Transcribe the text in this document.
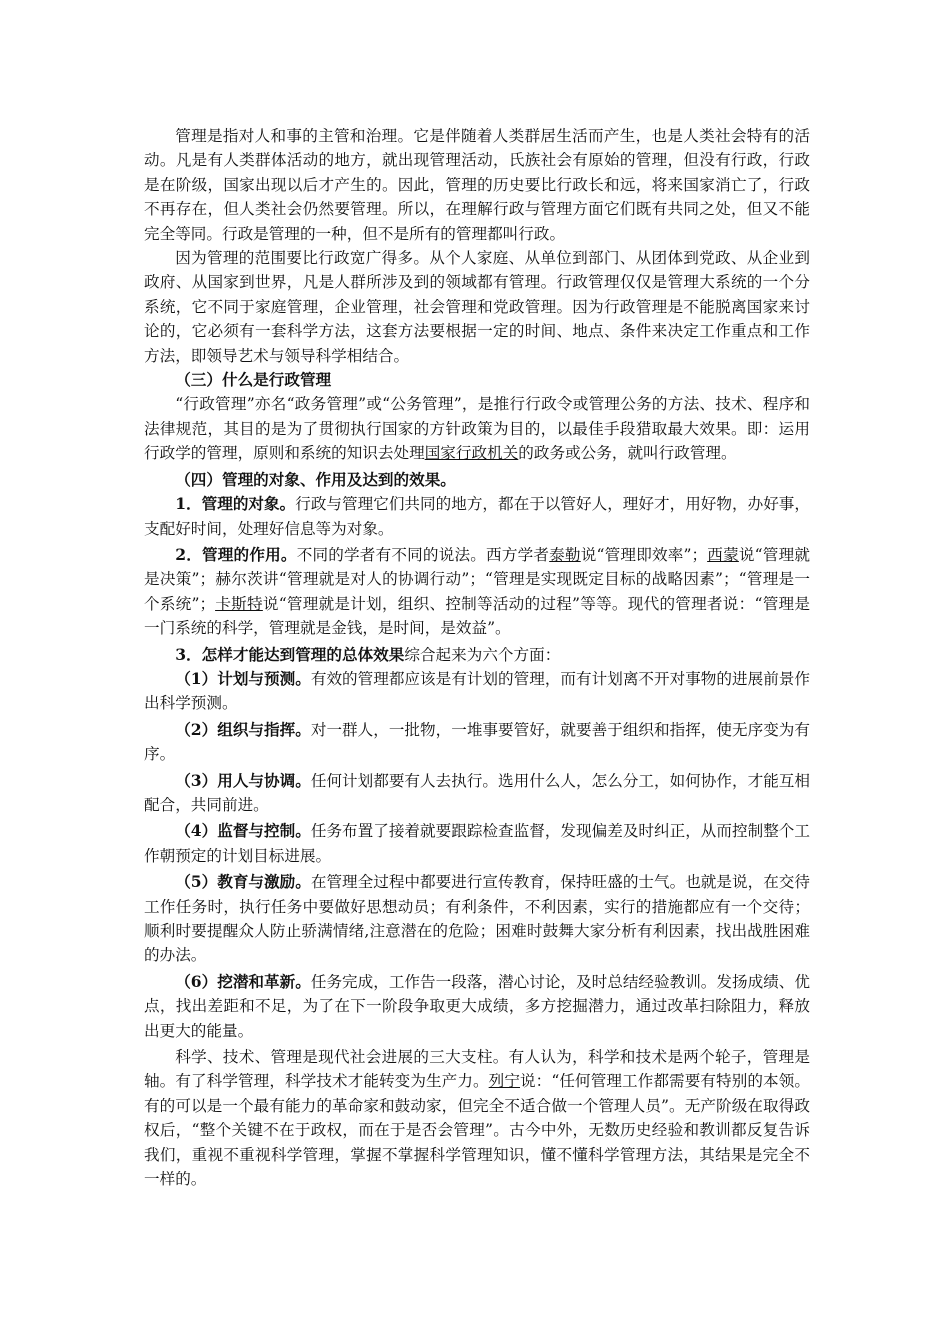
管理是指对人和事的主管和治理。它是伴随着人类群居生活而产生，也是人类社会特有的活动。凡是有人类群体活动的地方，就出现管理活动，氏族社会有原始的管理，但没有行政，行政是在阶级，国家出现以后才产生的。因此，管理的历史要比行政长和远，将来国家消亡了，行政不再存在，但人类社会仍然要管理。所以，在理解行政与管理方面它们既有共同之处，但又不能完全等同。行政是管理的一种，但不是所有的管理都叫行政。

因为管理的范围要比行政宽广得多。从个人家庭、从单位到部门、从团体到党政、从企业到政府、从国家到世界，凡是人群所涉及到的领域都有管理。行政管理仅仅是管理大系统的一个分系统，它不同于家庭管理，企业管理，社会管理和党政管理。因为行政管理是不能脱离国家来讨论的，它必须有一套科学方法，这套方法要根据一定的时间、地点、条件来决定工作重点和工作方法，即领导艺术与领导科学相结合。

（三）什么是行政管理

“行政管理”亦名“政务管理”或“公务管理”，是推行行政令或管理公务的方法、技术、程序和法律规范，其目的是为了贯彻执行国家的方针政策为目的，以最佳手段猎取最大效果。即：运用行政学的管理，原则和系统的知识去处理国家行政机关的政务或公务，就叫行政管理。

（四）管理的对象、作用及达到的效果。

1．管理的对象。行政与管理它们共同的地方，都在于以管好人，理好才，用好物，办好事，支配好时间，处理好信息等为对象。

2．管理的作用。不同的学者有不同的说法。西方学者泰勒说“管理即效率”；西蒙说“管理就是决策”；赫尔茨讲“管理就是对人的协调行动”；“管理是实现既定目标的战略因素”；“管理是一个系统”；卡斯特说“管理就是计划，组织、控制等活动的过程”等等。现代的管理者说：“管理是一门系统的科学，管理就是金钱，是时间，是效益”。

3．怎样才能达到管理的总体效果综合起来为六个方面：

（1）计划与预测。有效的管理都应该是有计划的管理，而有计划离不开对事物的进展前景作出科学预测。

（2）组织与指挥。对一群人，一批物，一堆事要管好，就要善于组织和指挥，使无序变为有序。

（3）用人与协调。任何计划都要有人去执行。选用什么人，怎么分工，如何协作，才能互相配合，共同前进。

（4）监督与控制。任务布置了接着就要跟踪检查监督，发现偏差及时纠正，从而控制整个工作朝预定的计划目标进展。

（5）教育与激励。在管理全过程中都要进行宣传教育，保持旺盛的士气。也就是说，在交待工作任务时，执行任务中要做好思想动员；有利条件，不利因素，实行的措施都应有一个交待；顺利时要提醒众人防止骄满情绪,注意潜在的危险；困难时鼓舞大家分析有利因素，找出战胜困难的办法。

（6）挖潜和革新。任务完成，工作告一段落，潜心讨论，及时总结经验教训。发扬成绩、优点，找出差距和不足，为了在下一阶段争取更大成绩，多方挖掘潜力，通过改革扫除阻力，释放出更大的能量。

科学、技术、管理是现代社会进展的三大支柱。有人认为，科学和技术是两个轮子，管理是轴。有了科学管理，科学技术才能转变为生产力。列宁说：“任何管理工作都需要有特别的本领。有的可以是一个最有能力的革命家和鼓动家，但完全不适合做一个管理人员”。无产阶级在取得政权后，“整个关键不在于政权，而在于是否会管理”。古今中外，无数历史经验和教训都反复告诉我们，重视不重视科学管理，掌握不掌握科学管理知识，懂不懂科学管理方法，其结果是完全不一样的。
